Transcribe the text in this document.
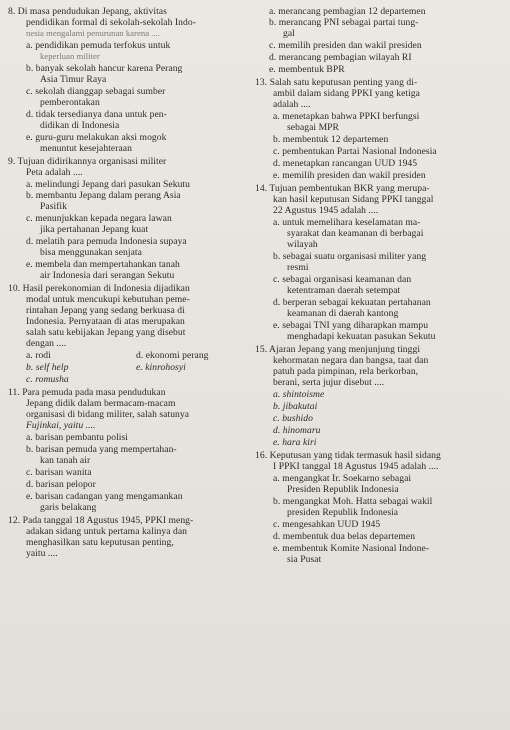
8. Di masa pendudukan Jepang, aktivitas
pendidikan formal di sekolah-sekolah Indo-
nesia mengalami penurunan karena ....
a. pendidikan pemuda terfokus untuk
keperluan militer
b. banyak sekolah hancur karena Perang
Asia Timur Raya
c. sekolah dianggap sebagai sumber
pemberontakan
d. tidak tersedianya dana untuk pen-
didikan di Indonesia
e. guru-guru melakukan aksi mogok
menuntut kesejahteraan
9. Tujuan didirikannya organisasi militer
Peta adalah ....
a. melindungi Jepang dari pasukan Sekutu
b. membantu Jepang dalam perang Asia
Pasifik
c. menunjukkan kepada negara lawan
jika pertahanan Jepang kuat
d. melatih para pemuda Indonesia supaya
bisa menggunakan senjata
e. membela dan mempertahankan tanah
air Indonesia dari serangan Sekutu
10. Hasil perekonomian di Indonesia dijadikan
modal untuk mencukupi kebutuhan peme-
rintahan Jepang yang sedang berkuasa di
Indonesia. Pernyataan di atas merupakan
salah satu kebijakan Jepang yang disebut
dengan ....
a. rodi	d. ekonomi perang
b. self help	e. kinrohosyi
c. romusha
11. Para pemuda pada masa pendudukan
Jepang didik dalam bermacam-macam
organisasi di bidang militer, salah satunya
Fujinkai, yaitu ....
a. barisan pembantu polisi
b. barisan pemuda yang mempertahan-
kan tanah air
c. barisan wanita
d. barisan pelopor
e. barisan cadangan yang mengamankan
garis belakang
12. Pada tanggal 18 Agustus 1945, PPKI meng-
adakan sidang untuk pertama kalinya dan
menghasilkan satu keputusan penting,
yaitu ....
a. merancang pembagian 12 departemen
b. merancang PNI sebagai partai tung-
gal
c. memilih presiden dan wakil presiden
d. merancang pembagian wilayah RI
e. membentuk BPR
13. Salah satu keputusan penting yang di-
ambil dalam sidang PPKI yang ketiga
adalah ....
a. menetapkan bahwa PPKI berfungsi
sebagai MPR
b. membentuk 12 departemen
c. pembentukan Partai Nasional Indonesia
d. menetapkan rancangan UUD 1945
e. memilih presiden dan wakil presiden
14. Tujuan pembentukan BKR yang merupa-
kan hasil keputusan Sidang PPKI tanggal
22 Agustus 1945 adalah ....
a. untuk memelihara keselamatan ma-
syarakat dan keamanan di berbagai
wilayah
b. sebagai suatu organisasi militer yang
resmi
c. sebagai organisasi keamanan dan
ketentraman daerah setempat
d. berperan sebagai kekuatan pertahanan
keamanan di daerah kantong
e. sebagai TNI yang diharapkan mampu
menghadapi kekuatan pasukan Sekutu
15. Ajaran Jepang yang menjunjung tinggi
kehormatan negara dan bangsa, taat dan
patuh pada pimpinan, rela berkorban,
berani, serta jujur disebut ....
a. shintoisme
b. jibakutai
c. bushido
d. hinomaru
e. hara kiri
16. Keputusan yang tidak termasuk hasil sidang
I PPKI tanggal 18 Agustus 1945 adalah ....
a. mengangkat Ir. Soekarno sebagai
Presiden Republik Indonesia
b. mengangkat Moh. Hatta sebagai wakil
presiden Republik Indonesia
c. mengesahkan UUD 1945
d. membentuk dua belas departemen
e. membentuk Komite Nasional Indone-
sia Pusat
